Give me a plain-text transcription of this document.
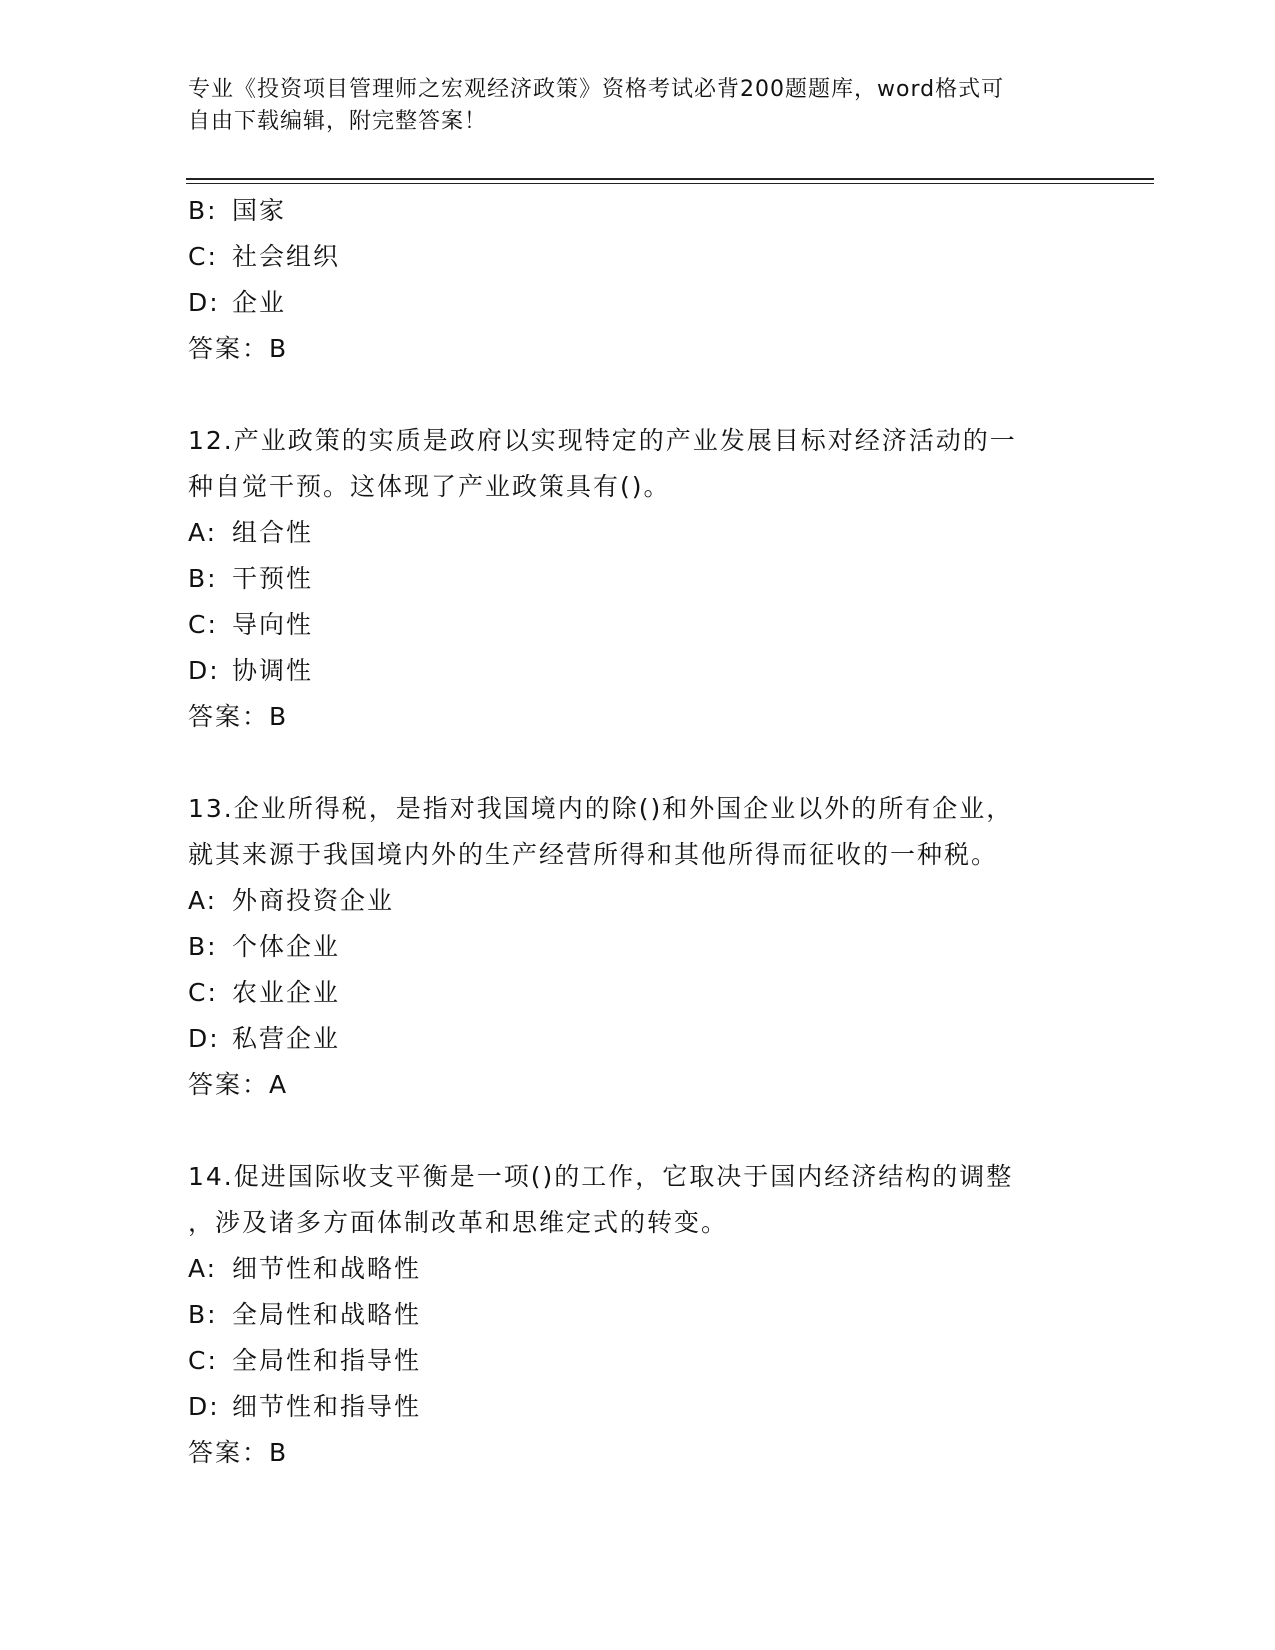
专业《投资项目管理师之宏观经济政策》资格考试必背200题题库，word格式可
自由下载编辑，附完整答案！
B: 国家
C: 社会组织
D: 企业
答案：B
12.产业政策的实质是政府以实现特定的产业发展目标对经济活动的一
种自觉干预。这体现了产业政策具有()。
A: 组合性
B: 干预性
C: 导向性
D: 协调性
答案：B
13.企业所得税，是指对我国境内的除()和外国企业以外的所有企业，
就其来源于我国境内外的生产经营所得和其他所得而征收的一种税。
A: 外商投资企业
B: 个体企业
C: 农业企业
D: 私营企业
答案：A
14.促进国际收支平衡是一项()的工作，它取决于国内经济结构的调整
，涉及诸多方面体制改革和思维定式的转变。
A: 细节性和战略性
B: 全局性和战略性
C: 全局性和指导性
D: 细节性和指导性
答案：B
